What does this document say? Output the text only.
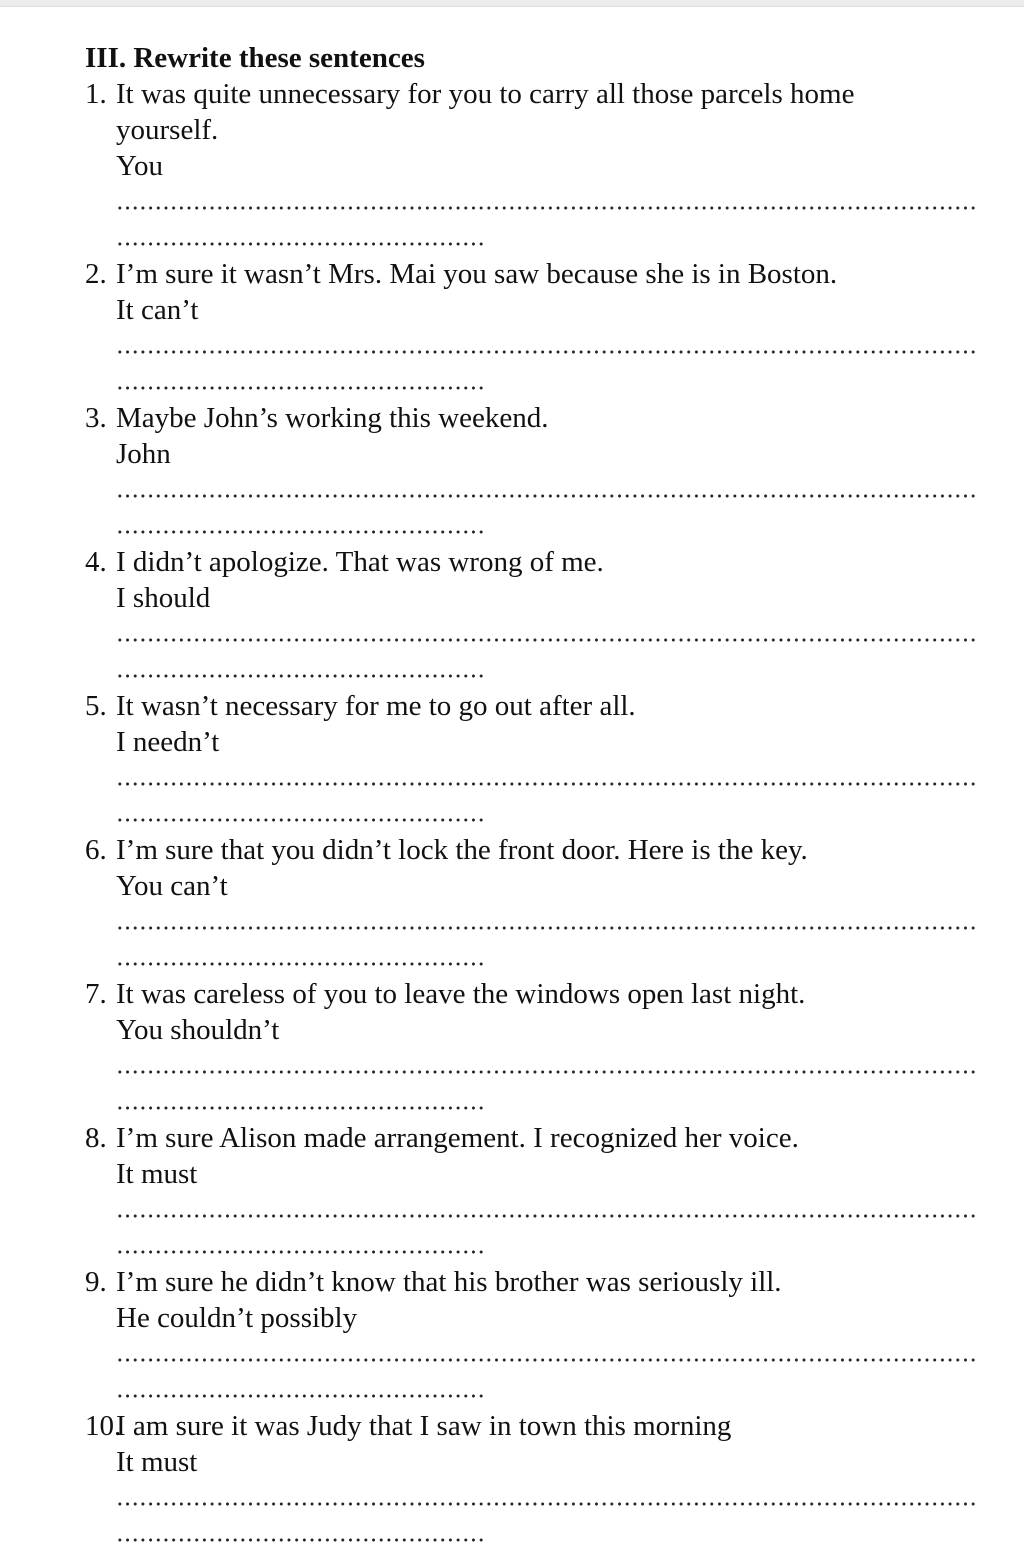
III. Rewrite these sentences
1. It was quite unnecessary for you to carry all those parcels home
yourself.
You
2. I’m sure it wasn’t Mrs. Mai you saw because she is in Boston.
It can’t
3. Maybe John’s working this weekend.
John
4. I didn’t apologize. That was wrong of me.
I should
5. It wasn’t necessary for me to go out after all.
I needn’t
6. I’m sure that you didn’t lock the front door. Here is the key.
You can’t
7. It was careless of you to leave the windows open last night.
You shouldn’t
8. I’m sure Alison made arrangement. I recognized her voice.
It must
9. I’m sure he didn’t know that his brother was seriously ill.
He couldn’t possibly
10.I am sure it was Judy that I saw in town this morning
It must
